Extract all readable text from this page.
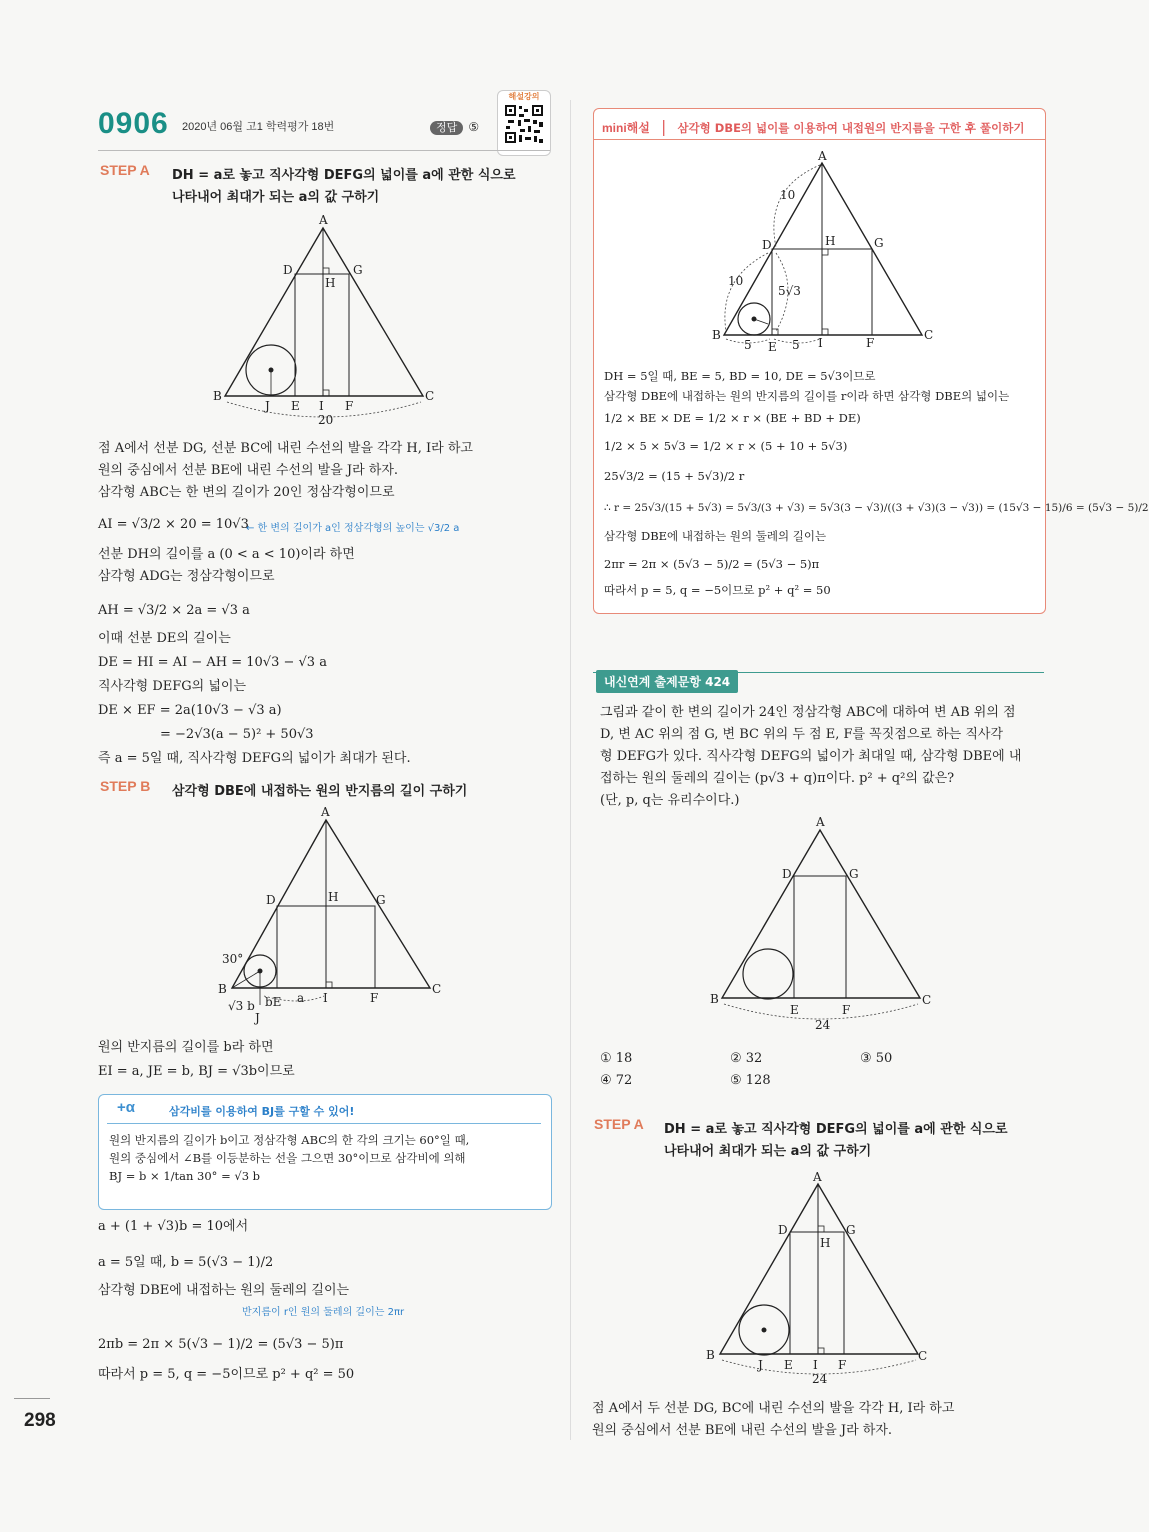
0906 2020년 06월 고1 학력평가 18번	정답 ⑤
해설강의
STEP A DH = a로 놓고 직사각형 DEFG의 넓이를 a에 관한 식으로
나타내어 최대가 되는 a의 값 구하기
A
B	C
D	G
H
J E I F
20
점 A에서 선분 DG, 선분 BC에 내린 수선의 발을 각각 H, I라 하고
원의 중심에서 선분 BE에 내린 수선의 발을 J라 하자.
삼각형 ABC는 한 변의 길이가 20인 정삼각형이므로
AI = √3/2 × 20 = 10√3
← 한 변의 길이가 a인 정삼각형의 높이는 √3/2 a
선분 DH의 길이를 a (0 < a < 10)이라 하면
삼각형 ADG는 정삼각형이므로
AH = √3/2 × 2a = √3 a
이때 선분 DE의 길이는
DE = HI = AI − AH = 10√3 − √3 a
직사각형 DEFG의 넓이는
DE × EF = 2a(10√3 − √3 a)
= −2√3(a − 5)² + 50√3
즉 a = 5일 때, 직사각형 DEFG의 넓이가 최대가 된다.
STEP B 삼각형 DBE에 내접하는 원의 반지름의 길이 구하기
A
B	C
D	G
H
30°
√3 b bE a I	F
J
원의 반지름의 길이를 b라 하면
EI = a, JE = b, BJ = √3b이므로
+α	삼각비를 이용하여 BJ를 구할 수 있어!
원의 반지름의 길이가 b이고 정삼각형 ABC의 한 각의 크기는 60°일 때,
원의 중심에서 ∠B를 이등분하는 선을 그으면 30°이므로 삼각비에 의해
BJ = b × 1/tan 30° = √3 b
a + (1 + √3)b = 10에서
a = 5일 때, b = 5(√3 − 1)/2
삼각형 DBE에 내접하는 원의 둘레의 길이는
반지름이 r인 원의 둘레의 길이는 2πr
2πb = 2π × 5(√3 − 1)/2 = (5√3 − 5)π
따라서 p = 5, q = −5이므로 p² + q² = 50
mini해설 | 삼각형 DBE의 넓이를 이용하여 내접원의 반지름을 구한 후 풀이하기
A
B	C
D	G
H
10
10
5√3
5 E 5 I	F
DH = 5일 때, BE = 5, BD = 10, DE = 5√3이므로
삼각형 DBE에 내접하는 원의 반지름의 길이를 r이라 하면 삼각형 DBE의 넓이는
1/2 × BE × DE = 1/2 × r × (BE + BD + DE)
1/2 × 5 × 5√3 = 1/2 × r × (5 + 10 + 5√3)
25√3/2 = (15 + 5√3)/2 r
∴ r = 25√3/(15 + 5√3) = 5√3/(3 + √3) = 5√3(3 − √3)/((3 + √3)(3 − √3)) = (15√3 − 15)/6 = (5√3 − 5)/2
삼각형 DBE에 내접하는 원의 둘레의 길이는
2πr = 2π × (5√3 − 5)/2 = (5√3 − 5)π
따라서 p = 5, q = −5이므로 p² + q² = 50
내신연계 출제문항 424
그림과 같이 한 변의 길이가 24인 정삼각형 ABC에 대하여 변 AB 위의 점
D, 변 AC 위의 점 G, 변 BC 위의 두 점 E, F를 꼭짓점으로 하는 직사각
형 DEFG가 있다. 직사각형 DEFG의 넓이가 최대일 때, 삼각형 DBE에 내
접하는 원의 둘레의 길이는 (p√3 + q)π이다. p² + q²의 값은?
(단, p, q는 유리수이다.)
A
B	C
D	G
E	F
24
① 18	② 32	③ 50
④ 72	⑤ 128
STEP A DH = a로 놓고 직사각형 DEFG의 넓이를 a에 관한 식으로
나타내어 최대가 되는 a의 값 구하기
A
B	C
D	G
H
J E I F
24
점 A에서 두 선분 DG, BC에 내린 수선의 발을 각각 H, I라 하고
원의 중심에서 선분 BE에 내린 수선의 발을 J라 하자.
298
